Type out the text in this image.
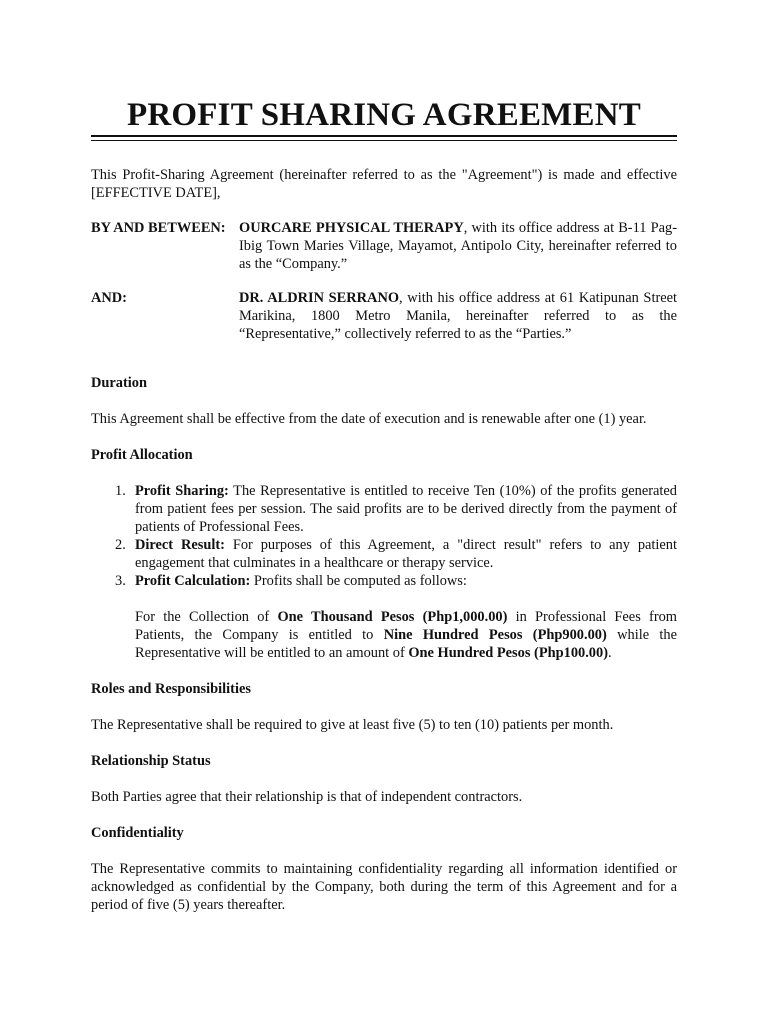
PROFIT SHARING AGREEMENT
This Profit-Sharing Agreement (hereinafter referred to as the "Agreement") is made and effective [EFFECTIVE DATE],
BY AND BETWEEN: OURCARE PHYSICAL THERAPY, with its office address at B-11 Pag-Ibig Town Maries Village, Mayamot, Antipolo City, hereinafter referred to as the “Company.”
AND:	DR. ALDRIN SERRANO, with his office address at 61 Katipunan Street Marikina, 1800 Metro Manila, hereinafter referred to as the “Representative,” collectively referred to as the “Parties.”
Duration
This Agreement shall be effective from the date of execution and is renewable after one (1) year.
Profit Allocation
1. Profit Sharing: The Representative is entitled to receive Ten (10%) of the profits generated from patient fees per session. The said profits are to be derived directly from the payment of patients of Professional Fees.
2. Direct Result: For purposes of this Agreement, a "direct result" refers to any patient engagement that culminates in a healthcare or therapy service.
3. Profit Calculation: Profits shall be computed as follows:
For the Collection of One Thousand Pesos (Php1,000.00) in Professional Fees from Patients, the Company is entitled to Nine Hundred Pesos (Php900.00) while the Representative will be entitled to an amount of One Hundred Pesos (Php100.00).
Roles and Responsibilities
The Representative shall be required to give at least five (5) to ten (10) patients per month.
Relationship Status
Both Parties agree that their relationship is that of independent contractors.
Confidentiality
The Representative commits to maintaining confidentiality regarding all information identified or acknowledged as confidential by the Company, both during the term of this Agreement and for a period of five (5) years thereafter.
